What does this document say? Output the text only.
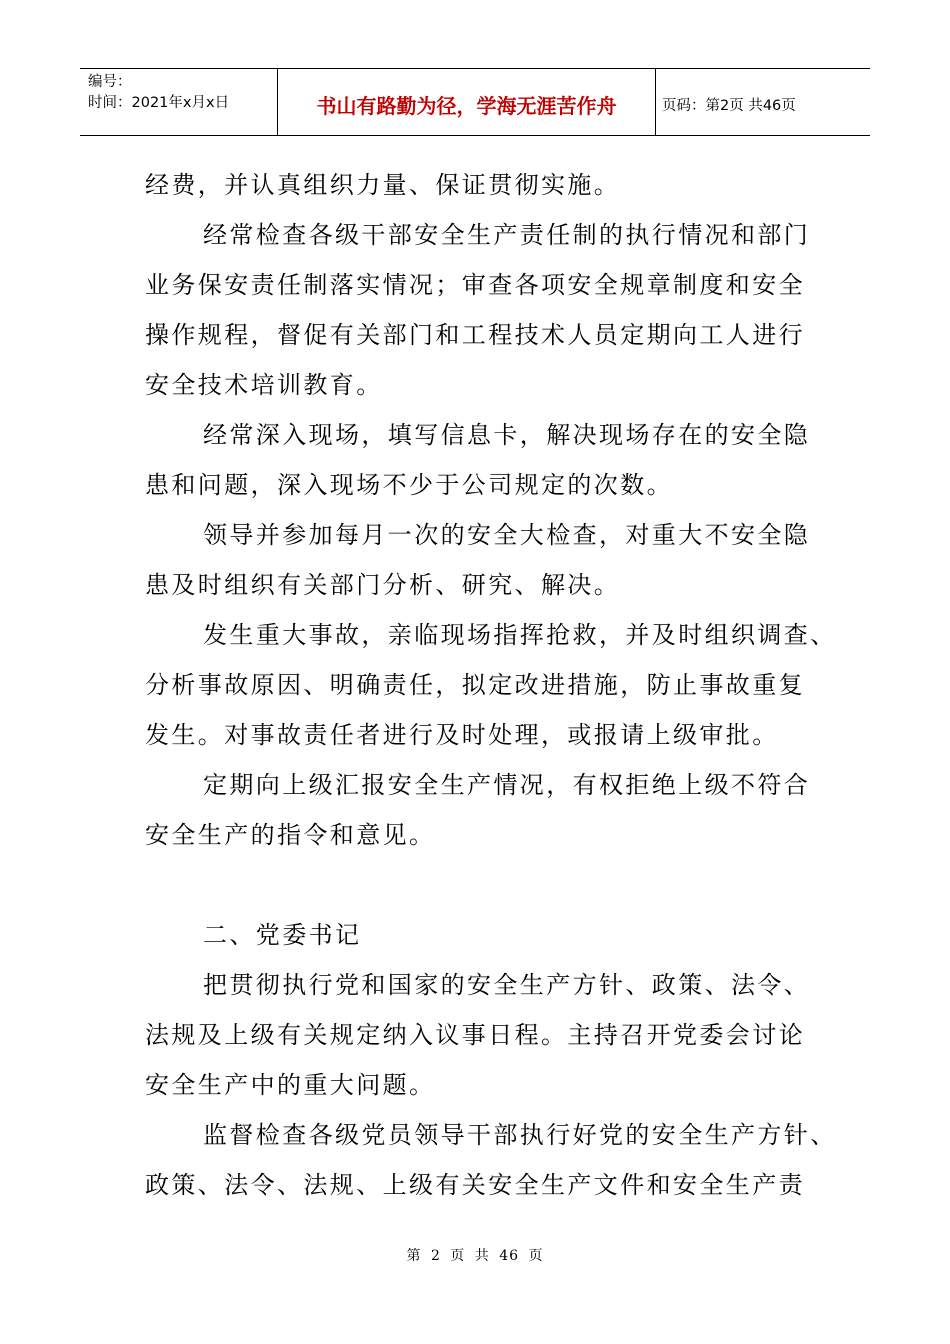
编号：
时间：2021年x月x日	书山有路勤为径，学海无涯苦作舟	页码：第2页 共46页
经费，并认真组织力量、保证贯彻实施。
经常检查各级干部安全生产责任制的执行情况和部门
业务保安责任制落实情况；审查各项安全规章制度和安全
操作规程，督促有关部门和工程技术人员定期向工人进行
安全技术培训教育。
经常深入现场，填写信息卡，解决现场存在的安全隐
患和问题，深入现场不少于公司规定的次数。
领导并参加每月一次的安全大检查，对重大不安全隐
患及时组织有关部门分析、研究、解决。
发生重大事故，亲临现场指挥抢救，并及时组织调查、
分析事故原因、明确责任，拟定改进措施，防止事故重复
发生。对事故责任者进行及时处理，或报请上级审批。
定期向上级汇报安全生产情况，有权拒绝上级不符合
安全生产的指令和意见。
二、党委书记
把贯彻执行党和国家的安全生产方针、政策、法令、
法规及上级有关规定纳入议事日程。主持召开党委会讨论
安全生产中的重大问题。
监督检查各级党员领导干部执行好党的安全生产方针、
政策、法令、法规、上级有关安全生产文件和安全生产责
第 2 页 共 46 页
